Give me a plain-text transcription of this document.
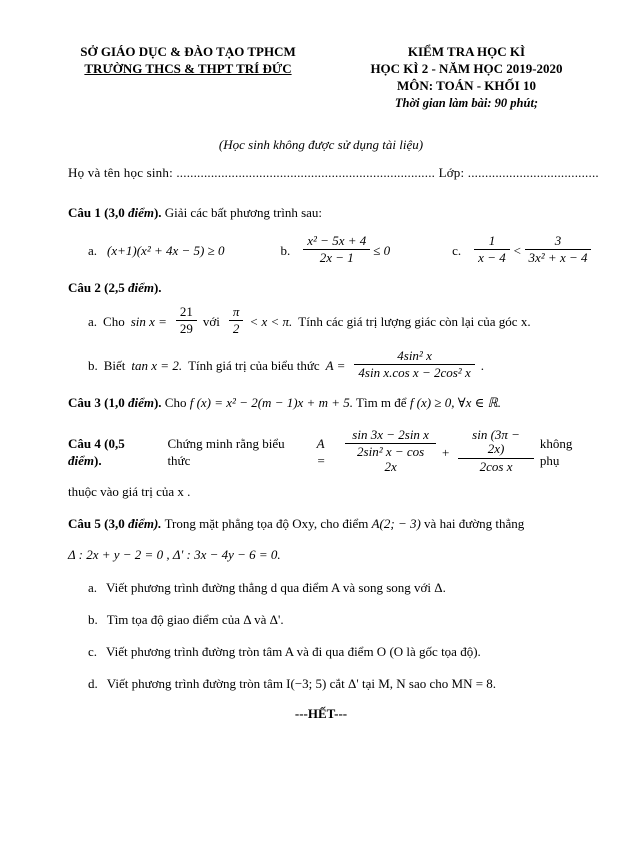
SỞ GIÁO DỤC & ĐÀO TẠO TPHCM
TRƯỜNG THCS & THPT TRÍ ĐỨC
KIỂM TRA HỌC KÌ
HỌC KÌ 2 - NĂM HỌC 2019-2020
MÔN: TOÁN - KHỐI 10
Thời gian làm bài: 90 phút;
(Học sinh không được sử dụng tài liệu)
Họ và tên học sinh: ........................................................................... Lớp: ......................................
Câu 1 (3,0 điểm). Giải các bất phương trình sau:
a. (x+1)(x² + 4x − 5) ≥ 0	b. $\frac{\text{x² − 5x + 4}}{2x - 1} \le 0$	c. $\frac{1}{x - 4} < \frac{3}{\text{3x² + x − 4}}$
Câu 2 (2,5 điểm).
a. Cho $\sin x = \frac{21}{29}$ với $\frac{\pi}{2} < x < \pi$. Tính các giá trị lượng giác còn lại của góc x.
b. Biết tan x = 2. Tính giá trị của biểu thức $A = \frac{\text{4sin² x}}{\text{4sin x.cos x − 2cos² x}}$ .
Câu 3 (1,0 điểm). Cho f (x) = x² − 2(m − 1)x + m + 5. Tìm m để f (x) ≥ 0, ∀x ∈ ℝ.
Câu 4 (0,5 điểm).
Chứng minh rằng biểu thức
A =	$\frac{\text{sin 3x − 2sin x}}{\text{2sin² x − cos 2x}} + \frac{\sin (3\pi - 2x)}{\text{2cos x}}$ không phụ
thuộc vào giá trị của x .
Câu 5 (3,0 điểm). Trong mặt phẳng tọa độ Oxy, cho điểm A(2; − 3) và hai đường thẳng
Δ : 2x + y − 2 = 0 , Δ' : 3x − 4y − 6 = 0.
a. Viết phương trình đường thẳng d qua điểm A và song song với Δ.
b. Tìm tọa độ giao điểm của Δ và Δ'.
c. Viết phương trình đường tròn tâm A và đi qua điểm O (O là gốc tọa độ).
d. Viết phương trình đường tròn tâm I(−3; 5) cắt Δ' tại M, N sao cho MN = 8.
---HẾT---
